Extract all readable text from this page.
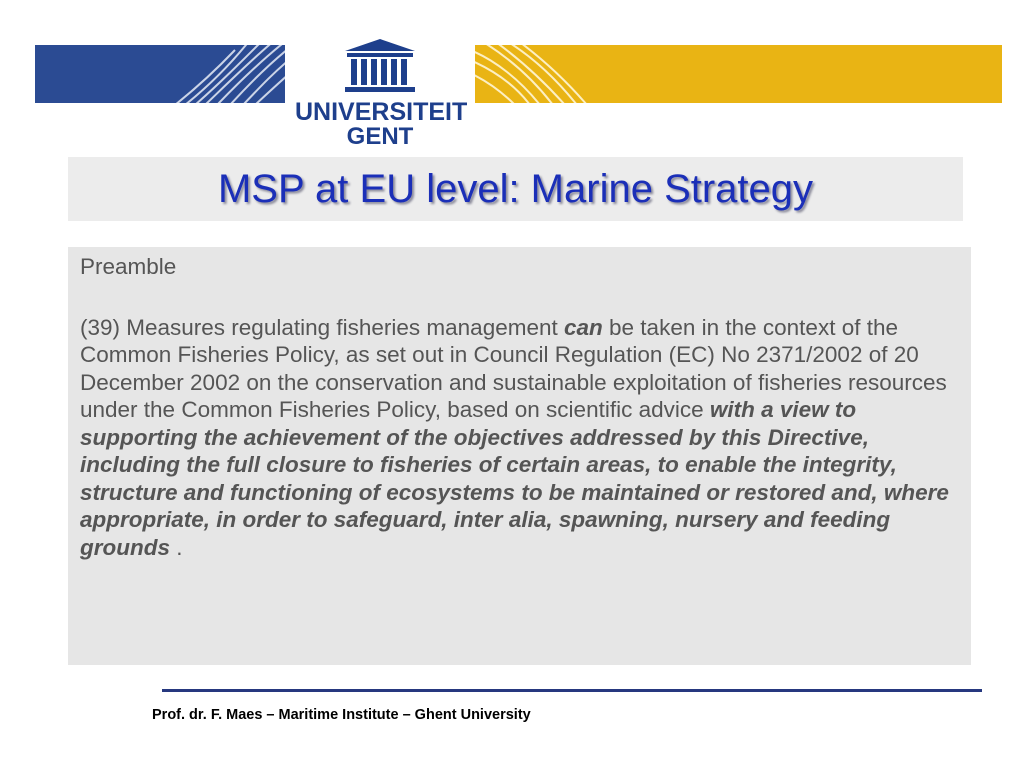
UNIVERSITEIT
GENT
MSP at EU level: Marine Strategy

Preamble

(39) Measures regulating fisheries management can be taken in the context of the Common Fisheries Policy, as set out in Council Regulation (EC) No 2371/2002 of 20 December 2002 on the conservation and sustainable exploitation of fisheries resources under the Common Fisheries Policy, based on scientific advice with a view to supporting the achievement of the objectives addressed by this Directive, including the full closure to fisheries of certain areas, to enable the integrity, structure and functioning of ecosystems to be maintained or restored and, where appropriate, in order to safeguard, inter alia, spawning, nursery and feeding grounds .

Prof. dr. F. Maes – Maritime Institute – Ghent University
